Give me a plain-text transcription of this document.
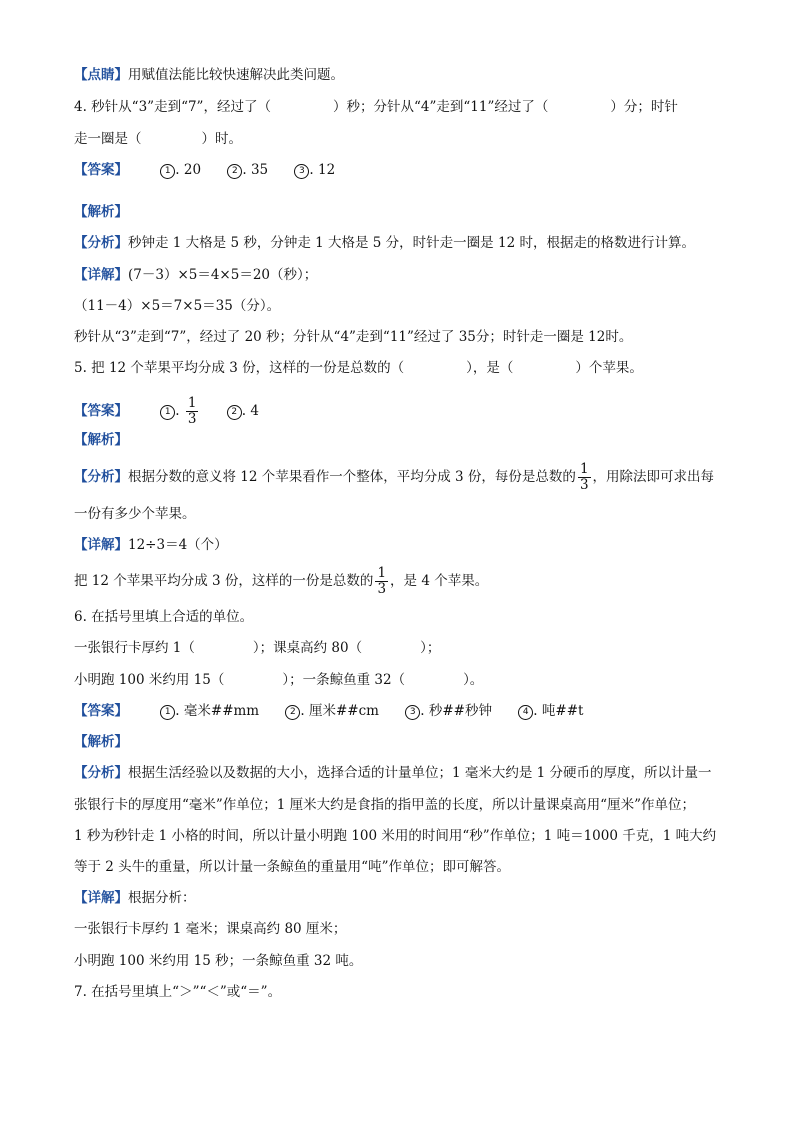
【点睛】用赋值法能比较快速解决此类问题。
4. 秒针从“3”走到“7”，经过了（	）秒；分针从“4”走到“11”经过了（	）分；时针
走一圈是（	）时。
【答案】	1 . 20	2 . 35	3 . 12
【解析】
【分析】秒钟走 1 大格是 5 秒，分钟走 1 大格是 5 分，时针走一圈是 12 时，根据走的格数进行计算。
【详解】(7－3）×5＝4×5＝20（秒）；
（11－4）×5＝7×5＝35（分）。
秒针从“3”走到“7”，经过了 20 秒；分针从“4”走到“11”经过了 35分；时针走一圈是 12时。
5. 把 12 个苹果平均分成 3 份，这样的一份是总数的（	），是（	）个苹果。
【答案】	1 . $\frac{1}{3}$	2 . 4
【解析】
【分析】根据分数的意义将 12 个苹果看作一个整体，平均分成 3 份，每份是总数的 $\frac{1}{3}$ ，用除法即可求出每
一份有多少个苹果。
【详解】12÷3＝4（个）
把 12 个苹果平均分成 3 份，这样的一份是总数的 $\frac{1}{3}$ ，是 4 个苹果。
6. 在括号里填上合适的单位。
一张银行卡厚约 1（	）；课桌高约 80（	）；
小明跑 100 米约用 15（	）；一条鲸鱼重 32（	）。
【答案】	1 . 毫米##mm	2 . 厘米##cm	3 . 秒##秒钟	4 . 吨##t
【解析】
【分析】根据生活经验以及数据的大小，选择合适的计量单位；1 毫米大约是 1 分硬币的厚度，所以计量一
张银行卡的厚度用“毫米”作单位；1 厘米大约是食指的指甲盖的长度，所以计量课桌高用“厘米”作单位；
1 秒为秒针走 1 小格的时间，所以计量小明跑 100 米用的时间用“秒”作单位；1 吨＝1000 千克，1 吨大约
等于 2 头牛的重量，所以计量一条鲸鱼的重量用“吨”作单位；即可解答。
【详解】根据分析：
一张银行卡厚约 1 毫米；课桌高约 80 厘米；
小明跑 100 米约用 15 秒；一条鲸鱼重 32 吨。
7. 在括号里填上“＞”“＜”或“＝”。
